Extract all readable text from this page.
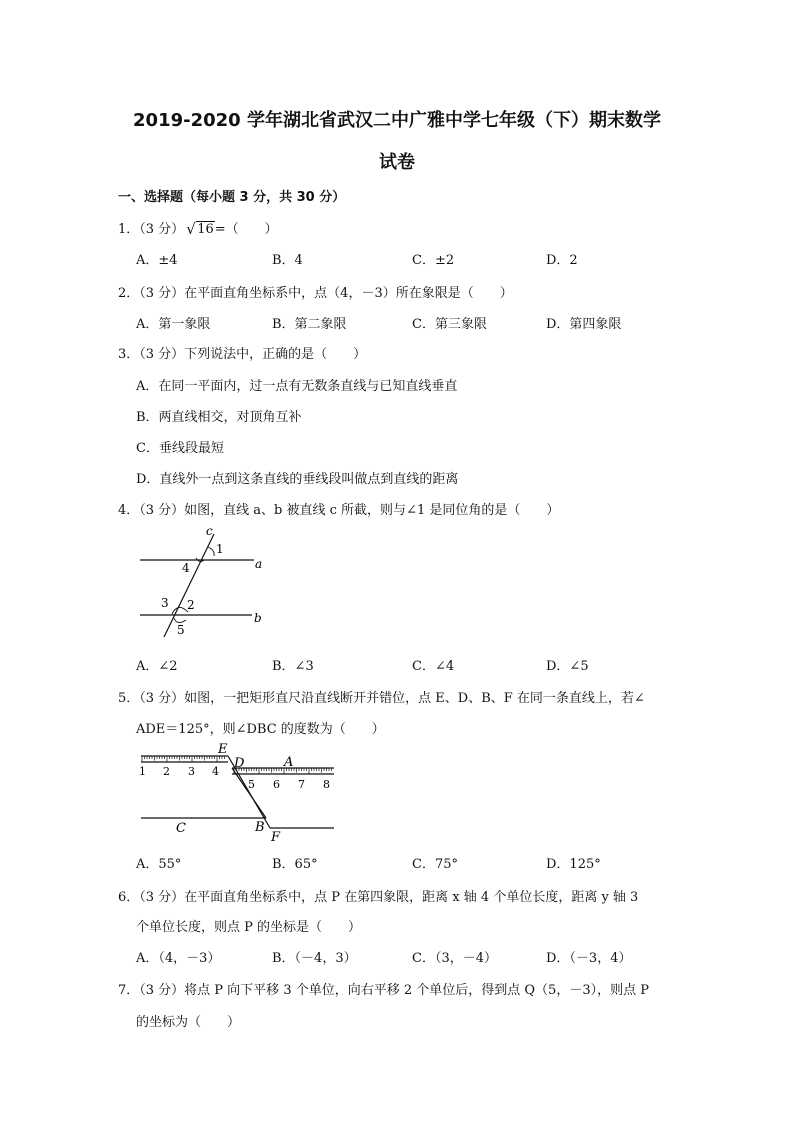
2019-2020 学年湖北省武汉二中广雅中学七年级（下）期末数学
试卷
一、选择题（每小题 3 分，共 30 分）
1．（3 分） √ 16=（　　）
A．±4	B．4	C．±2	D．2
2．（3 分）在平面直角坐标系中，点（4，－3）所在象限是（　　）
A．第一象限	B．第二象限	C．第三象限	D．第四象限
3．（3 分）下列说法中，正确的是（　　）
A．在同一平面内，过一点有无数条直线与已知直线垂直
B．两直线相交，对顶角互补
C．垂线段最短
D．直线外一点到这条直线的垂线段叫做点到直线的距离
4．（3 分）如图，直线 a、b 被直线 c 所截，则与∠1 是同位角的是（　　）
c
a
b
1
4
3 2
5
A．∠2	B．∠3	C．∠4	D．∠5
5．（3 分）如图，一把矩形直尺沿直线断开并错位，点 E、D、B、F 在同一条直线上，若∠
ADE＝125°，则∠DBC 的度数为（　　）
1 2 3 4
5 6 7 8
E
D	A
C	B
F
A．55°	B．65°	C．75°	D．125°
6．（3 分）在平面直角坐标系中，点 P 在第四象限，距离 x 轴 4 个单位长度，距离 y 轴 3
个单位长度，则点 P 的坐标是（　　）
A．（4，－3）	B．（－4，3）	C．（3，－4）	D．（－3，4）
7．（3 分）将点 P 向下平移 3 个单位，向右平移 2 个单位后，得到点 Q（5，－3），则点 P
的坐标为（　　）
